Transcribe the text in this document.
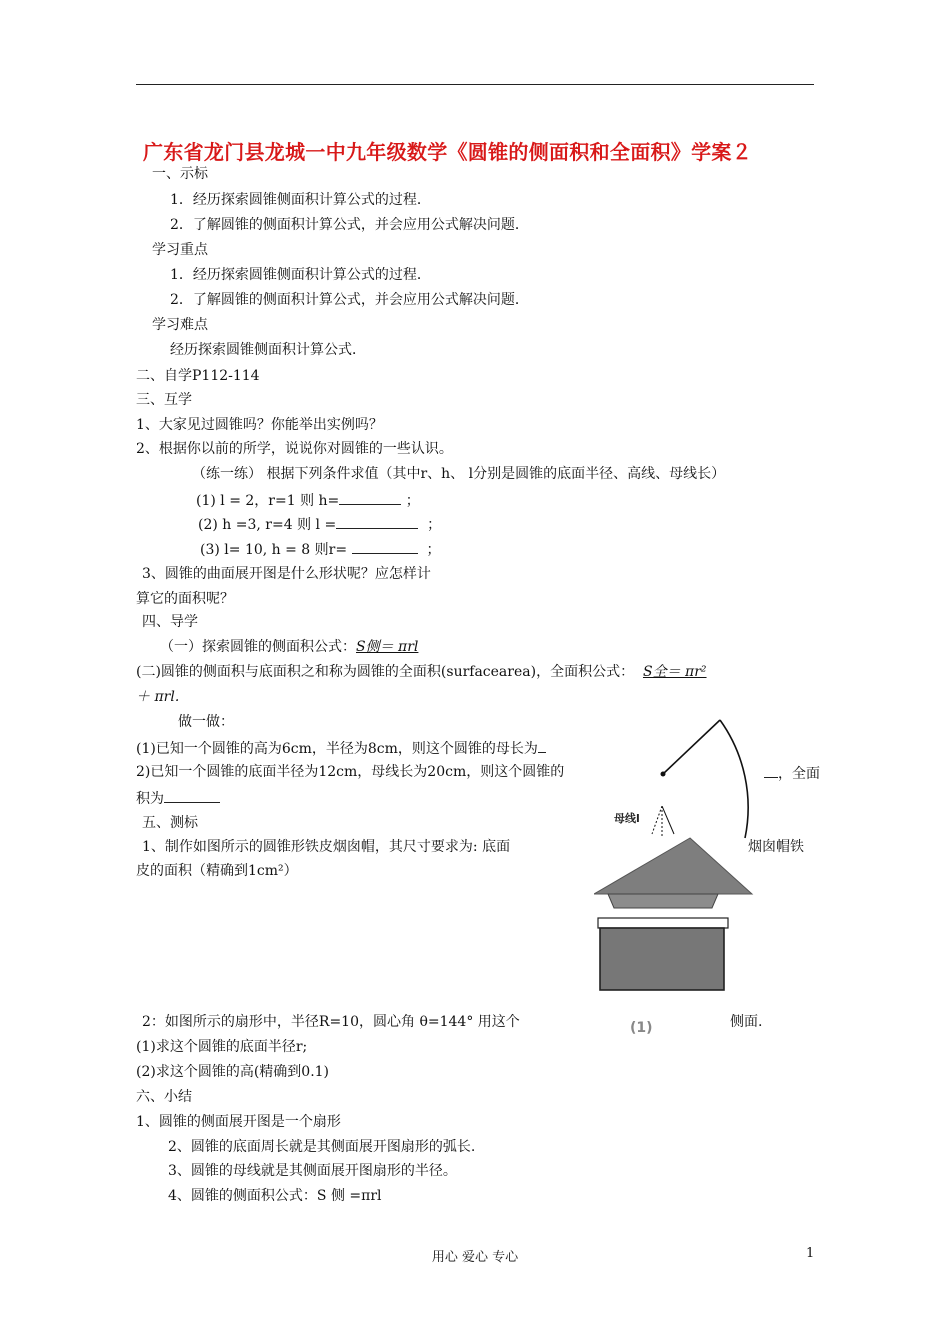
广东省龙门县龙城一中九年级数学《圆锥的侧面积和全面积》学案２
一、示标
1．经历探索圆锥侧面积计算公式的过程．
2．了解圆锥的侧面积计算公式，并会应用公式解决问题．
学习重点
1．经历探索圆锥侧面积计算公式的过程．
2．了解圆锥的侧面积计算公式，并会应用公式解决问题．
学习难点
经历探索圆锥侧面积计算公式．
二、自学P112-114
三、互学
1、大家见过圆锥吗？你能举出实例吗？
2、根据你以前的所学，说说你对圆锥的一些认识。
（练一练） 根据下列条件求值（其中r、h、 l分别是圆锥的底面半径、高线、母线长）
(1) l = 2，r=1 则 h=	；
(2) h =3, r=4 则 l =	；
(3) l= 10, h = 8 则r=	；
3、圆锥的曲面展开图是什么形状呢？应怎样计
算它的面积呢？
四、导学
（一）探索圆锥的侧面积公式：S侧＝ πrl
(二)圆锥的侧面积与底面积之和称为圆锥的全面积(surfacearea)，全面积公式： S全＝ πr²
＋ πrl.
做一做：
(1)已知一个圆锥的高为6cm，半径为8cm，则这个圆锥的母长为
2)已知一个圆锥的底面半径为12cm，母线长为20cm，则这个圆锥的	，全面
积为
五、测标
1、制作如图所示的圆锥形铁皮烟囱帽，其尺寸要求为: 底面	烟囱帽铁
皮的面积（精确到1cm²）
2：如图所示的扇形中，半径R=10，圆心角 θ=144° 用这个	侧面.
(1)求这个圆锥的底面半径r;
(2)求这个圆锥的高(精确到0.1)
六、小结
1、圆锥的侧面展开图是一个扇形
2、圆锥的底面周长就是其侧面展开图扇形的弧长.
3、圆锥的母线就是其侧面展开图扇形的半径。
4、圆锥的侧面积公式：S 侧 =πrl
母线l
(1)
用心 爱心 专心	1
